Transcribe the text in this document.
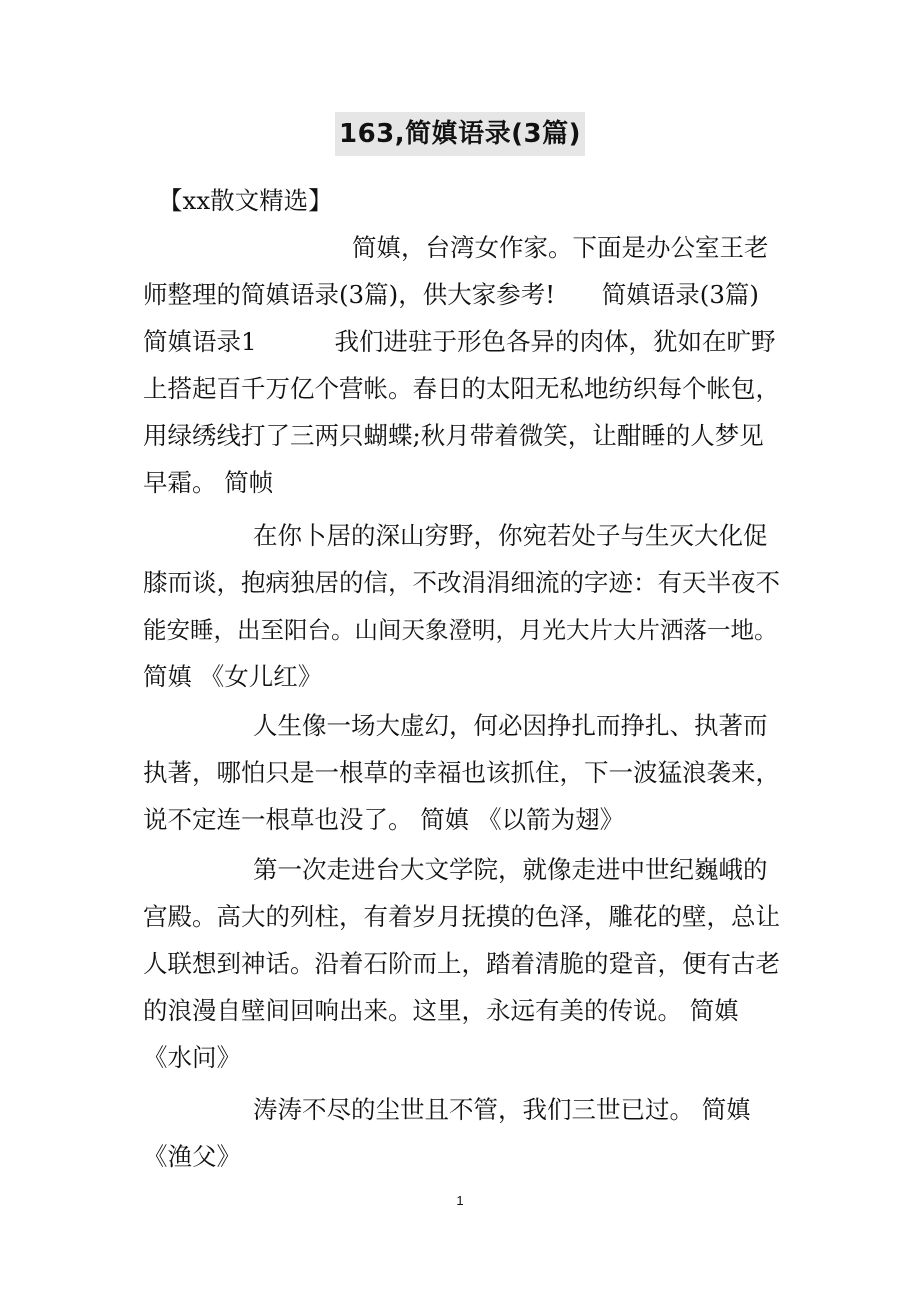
163,简嫃语录(3篇)
【xx散文精选】
简嫃，台湾女作家。下面是办公室王老
师整理的简嫃语录(3篇)，供大家参考!      简嫃语录(3篇)
简嫃语录1          我们进驻于形色各异的肉体，犹如在旷野
上搭起百千万亿个营帐。春日的太阳无私地纺织每个帐包，
用绿绣线打了三两只蝴蝶;秋月带着微笑，让酣睡的人梦见
早霜。 简帧
在你卜居的深山穷野，你宛若处子与生灭大化促
膝而谈，抱病独居的信，不改涓涓细流的字迹：有天半夜不
能安睡，出至阳台。山间天象澄明，月光大片大片洒落一地。
简嫃 《女儿红》
人生像一场大虚幻，何必因挣扎而挣扎、执著而
执著，哪怕只是一根草的幸福也该抓住，下一波猛浪袭来，
说不定连一根草也没了。 简嫃 《以箭为翅》
第一次走进台大文学院，就像走进中世纪巍峨的
宫殿。高大的列柱，有着岁月抚摸的色泽，雕花的壁，总让
人联想到神话。沿着石阶而上，踏着清脆的跫音，便有古老
的浪漫自壁间回响出来。这里，永远有美的传说。 简嫃
《水问》
涛涛不尽的尘世且不管，我们三世已过。 简嫃
《渔父》
1
